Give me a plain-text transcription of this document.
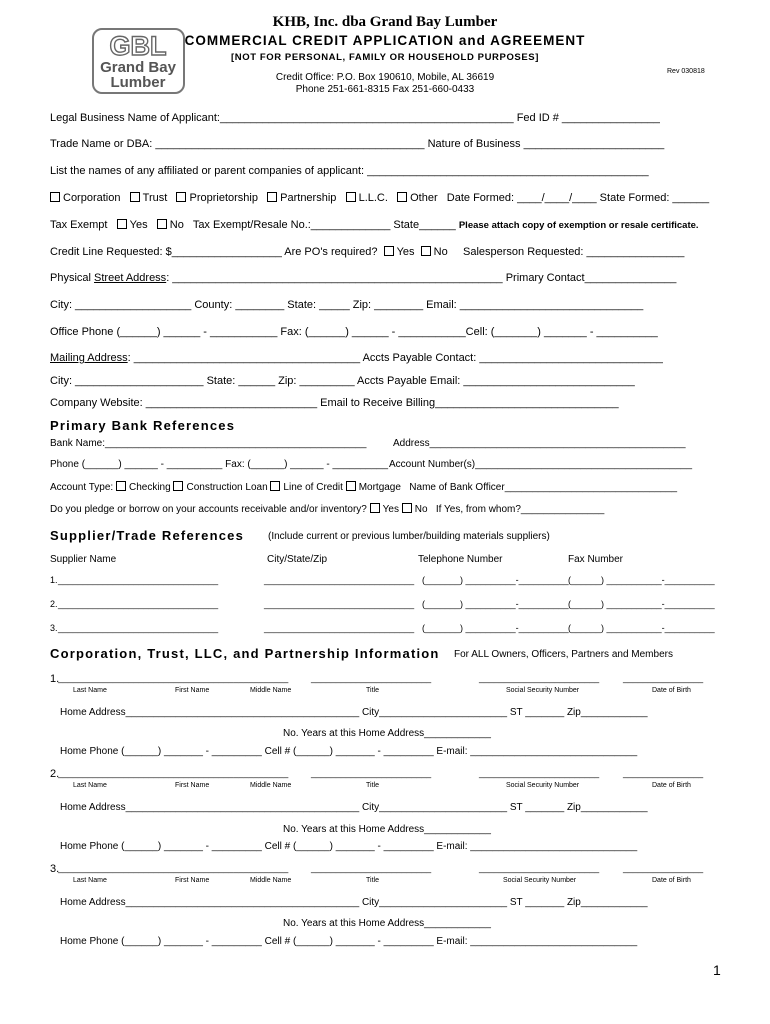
GBL
Grand Bay
Lumber
KHB, Inc. dba Grand Bay Lumber
COMMERCIAL CREDIT APPLICATION and AGREEMENT
[NOT FOR PERSONAL, FAMILY OR HOUSEHOLD PURPOSES]
Rev 030818
Credit Office: P.O. Box 190610, Mobile, AL 36619
Phone 251-661-8315 Fax 251-660-0433
Legal Business Name of Applicant:________________________________________________ Fed ID # ________________
Trade Name or DBA: ____________________________________________ Nature of Business _______________________
List the names of any affiliated or parent companies of applicant: ______________________________________________
Corporation Trust Proprietorship Partnership L.L.C. Other Date Formed: ____/____/____ State Formed: ______
Tax Exempt Yes No Tax Exempt/Resale No.:_____________ State______ Please attach copy of exemption or resale certificate.
Credit Line Requested: $__________________ Are PO's required? Yes No Salesperson Requested: ________________
Physical Street Address: ______________________________________________________ Primary Contact_______________
City: ___________________ County: ________ State: _____ Zip: ________ Email: ______________________________
Office Phone (______) ______ - ___________ Fax: (______) ______ - ___________Cell: (_______) _______ - __________
Mailing Address: _____________________________________ Accts Payable Contact: ______________________________
City: _____________________ State: ______ Zip: _________ Accts Payable Email: ____________________________
Company Website: ____________________________ Email to Receive Billing______________________________
Primary Bank References
Bank Name:_______________________________________________	Address______________________________________________
Phone (______) ______ - __________ Fax: (______) ______ - __________ Account Number(s)_______________________________________
Account Type: Checking Construction Loan Line of Credit Mortgage Name of Bank Officer_______________________________
Do you pledge or borrow on your accounts receivable and/or inventory? Yes No If Yes, from whom?_______________
Supplier/Trade References (Include current or previous lumber/building materials suppliers)
Supplier Name	City/State/Zip	Telephone Number	Fax Number
1. ________________________________	______________________________ (_______) __________-__________ (______) ___________-__________
2. ________________________________	______________________________ (_______) __________-__________ (______) ___________-__________
3. ________________________________	______________________________ (_______) __________-__________ (______) ___________-__________
Corporation, Trust, LLC, and Partnership Information For ALL Owners, Officers, Partners and Members
1.
______________________________________________	________________________	________________________	________________
Last Name	First Name	Middle Name	Title	Social Security Number	Date of Birth
Home Address__________________________________________ City_______________________ ST _______ Zip____________
No. Years at this Home Address____________
Home Phone (______) _______ - _________ Cell # (______) _______ - _________ E-mail: ______________________________
2.
______________________________________________	________________________	________________________	________________
Last Name	First Name	Middle Name	Title	Social Security Number	Date of Birth
Home Address__________________________________________ City_______________________ ST _______ Zip____________
No. Years at this Home Address____________
Home Phone (______) _______ - _________ Cell # (______) _______ - _________ E-mail: ______________________________
3.
______________________________________________	________________________	________________________	________________
Last Name	First Name	Middle Name	Title	Social Security Number	Date of Birth
Home Address__________________________________________ City_______________________ ST _______ Zip____________
No. Years at this Home Address____________
Home Phone (______) _______ - _________ Cell # (______) _______ - _________ E-mail: ______________________________
1
